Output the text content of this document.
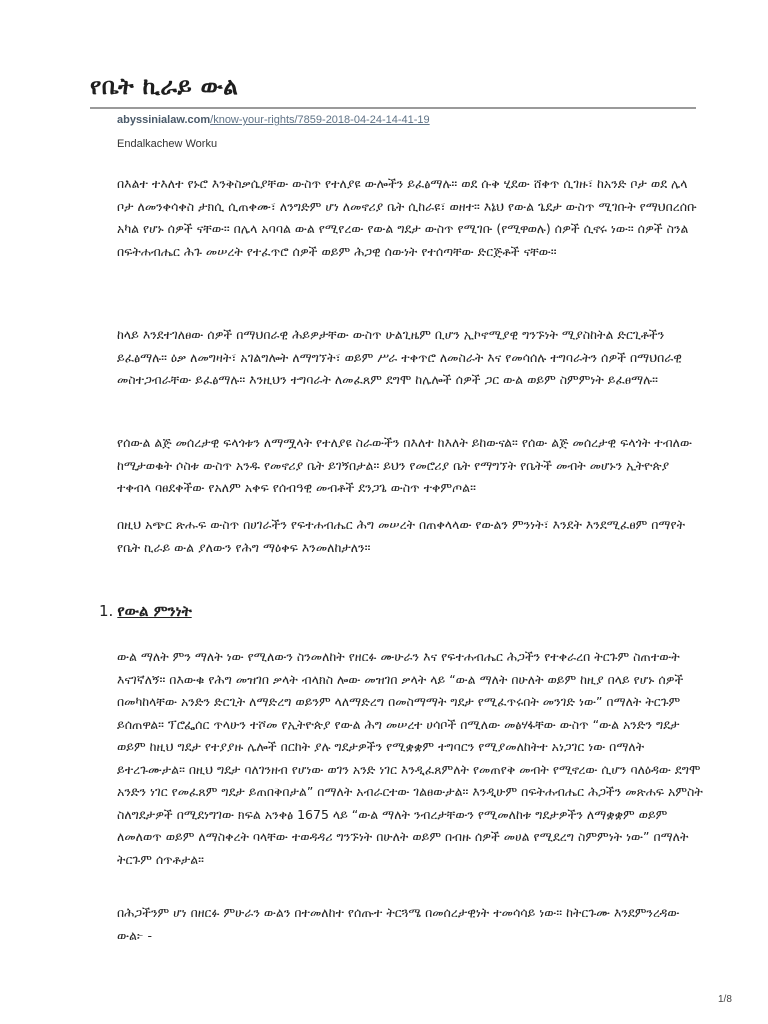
የቤት ኪራይ ውል
abyssinialaw.com/know-your-rights/7859-2018-04-24-14-41-19
Endalkachew Worku

በእልተ ተእለተ የኑሮ እንቅስቃሴያቸው ውስጥ የተለያዩ ውሎችን ይፈፅማሉ። ወደ ሱቅ ሂደው ሸቀጥ ሲገዙ፣ ከአንድ ቦታ ወደ ሌላ ቦታ ለመንቀሳቀስ ታክሲ ሲጠቀሙ፣ ለንግድም ሆነ ለመኖሪያ ቤት ሲከራዩ፣ ወዘተ። እኔህ የውል ጌደታ ውስጥ ሚገቡት የማህበረሰቡ አካል የሆኑ ሰዎች ናቸው። በሌላ አባባል ውል የሚየረው የውል ግደታ ውስጥ የሚገቡ (የሚዋወሉ) ሰዎች ሲኖሩ ነው። ሰዎች ስንል በፍትሐብሔር ሕጉ መሠረት የተፈጥሮ ሰዎች ወይም ሕጋዊ ሰውነት የተሰጣቸው ድርጅቶች ናቸው።

ከላይ እንደተገለፀው ሰዎች በማህበራዊ ሕይዎታቸው ውስጥ ሁልጊዜም ቢሆን ኢኮኖሚያዊ ግንኙነት ሚያስከትል ድርጊቶችን ይፈፅማሉ። ዕቃ ለመግዛት፣ አገልግሎት ለማግኘት፣ ወይም ሥራ ተቀጥሮ ለመስራት እና የመሳሰሉ ተግባራትን ሰዎች በማህበራዊ መስተጋብራቸው ይፈፅማሉ። እንዚህን ተግባራት ለመፈጸም ደግሞ ከሌሎች ሰዎች ጋር ውል ወይም ስምምነት ይፈፀማሉ።

የሰውል ልጅ መሰረታዊ ፍላጎቱን ለማሟላት የተለያዩ ስራውችን በእለተ ከእለት ይከውናል። የሰው ልጅ መሰረታዊ ፍላጎት ተብለው ከሚታወቁት ሶስቱ ውስጥ አንዱ የመኖሪያ ቤት ይገኝበታል። ይህን የመሮሪያ ቤት የማግኘት የቤትች መብት መሆኑን ኢትዮጵያ ተቀብላ ባፀደቀችው የአለም አቀፍ የሰብዓዊ መብቶች ደንጋጌ ውስጥ ተቀምጦል።

በዚህ አጭር ጽሑፍ ውስጥ በሀገራችን የፍተሐብሔር ሕግ መሠረት በጠቀላላው የውልን ምንነት፣ እንደት እንደሚፈፀም በማየት የቤት ኪራይ ውል ያለውን የሕግ ማዕቀፍ እንመለከታለን።

1. የውል ምንነት

ውል ማለት ምን ማለት ነው የሚለውን ስንመለከት የዘርፉ ሙሁራን እና የፍተሐብሔር ሕጋችን የተቀራረበ ትርጉም ስጠተውት እናገኛለኝ። በእውቁ የሕግ መዝገበ ቃላት ብላክስ ሎው መዝገበ ቃላት ላይ “ውል ማለት በሁለት ወይም ከዚያ በላይ የሆኑ ሰዎች በመካከላቸው አንድን ድርጊት ለማድረግ ወይንም ላለማድረግ በመስማማት ግደታ የሚፈጥሩበት መንገድ ነው” በማለት ትርጉም ይሰጠዋል። ፕሮፌሰር ጥላሁን ተሾመ የኢትዮጵያ የውል ሕግ መሠረተ ሀሳቦች በሚለው መፅሃፋቸው ውስጥ “ውል አንድን ግደታ ወይም ከዚህ ግደታ የተያያዙ ሌሎች በርከት ያሉ ግደታዎችን የሚቋቋም ተግባርን የሚያመለከትተ አነጋገር ነው በማለት ይተረጉሙታል። በዚህ ግደታ ባለገንዘብ የሆነው ወገን አንድ ነገር እንዲፈጸምለት የመጠየቅ መብት የሚኖረው ሲሆን ባለዕዳው ደግሞ አንድን ነገር የመፈጸም ግደታ ይጠበቅበታል” በማለት አብራርተው ገልፀውታል። እንዲሁም በፍትሐብሔር ሕጋችን መጽሐፍ አምስት ስለግደታዎች በሚደነግገው ክፍል አንቀፅ 1675 ላይ “ውል ማለት ንብረታቸውን የሚመለከቱ ግደታዎችን ለማቋቋም ወይም ለመለወጥ ወይም ለማስቀረት ባላቸው ተወዳዳሪ ግንኙነት በሁለት ወይም በብዙ ሰዎች መሀል የሚደረግ ስምምነት ነው” በማለት ትርጉም ሰጥቶታል።

በሕጋችንም ሆነ በዘርፉ ምሁራን ውልን በተመለከተ የሰጡተ ትርጓሜ በመሰረታዊነት ተመሳሳይ ነው። ከትርጉሙ እንደምንረዳው ውል፦ -

1/8
